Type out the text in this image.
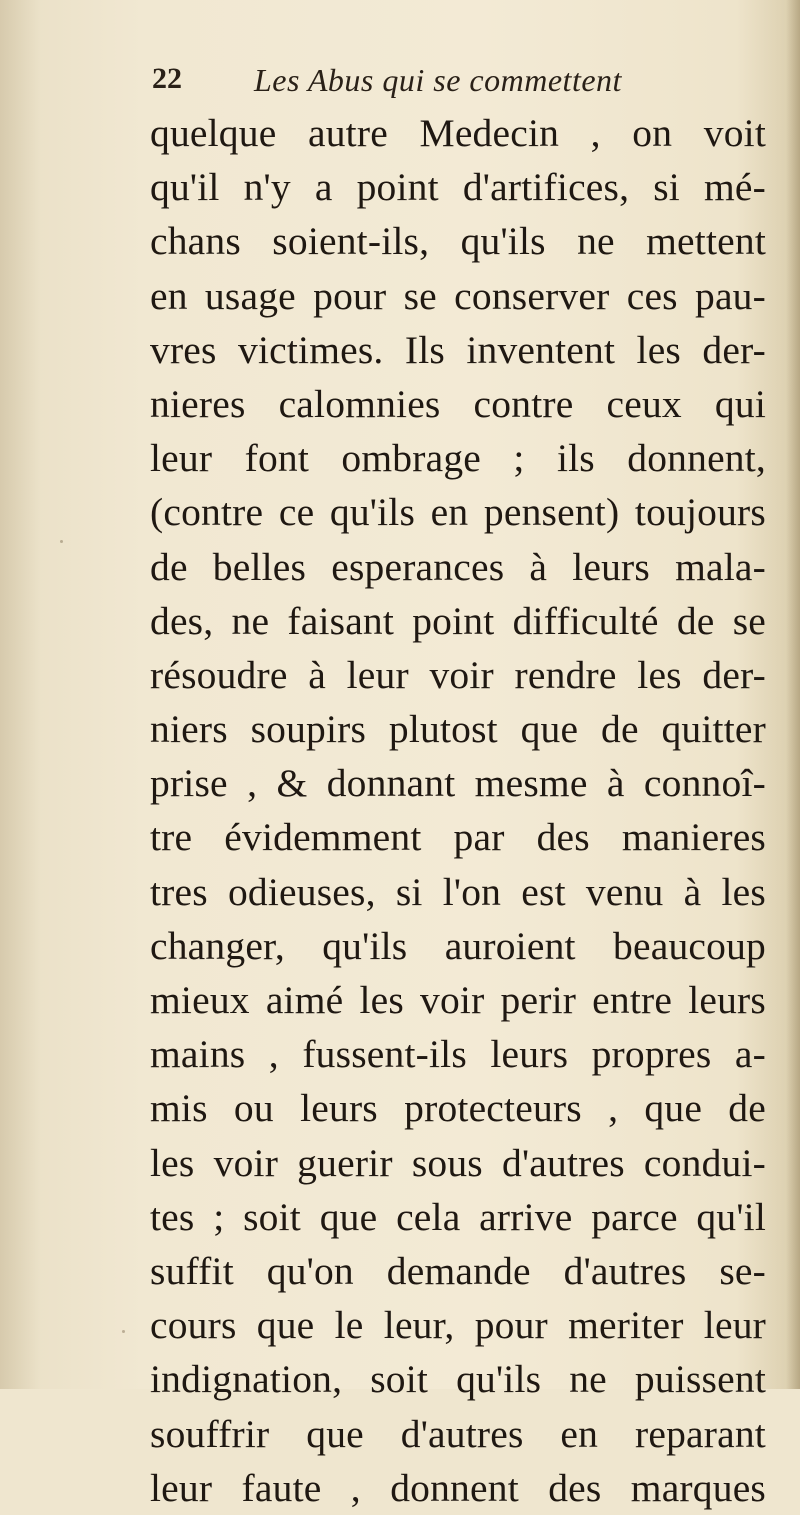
22 Les Abus qui se commettent
quelque autre Medecin , on voit
qu'il n'y a point d'artifices, si mé-
chans soient-ils, qu'ils ne mettent
en usage pour se conserver ces pau-
vres victimes. Ils inventent les der-
nieres calomnies contre ceux qui
leur font ombrage ; ils donnent,
(contre ce qu'ils en pensent) toujours
de belles esperances à leurs mala-
des, ne faisant point difficulté de se
résoudre à leur voir rendre les der-
niers soupirs plutost que de quitter
prise , & donnant mesme à connoî-
tre évidemment par des manieres
tres odieuses, si l'on est venu à les
changer, qu'ils auroient beaucoup
mieux aimé les voir perir entre leurs
mains , fussent-ils leurs propres a-
mis ou leurs protecteurs , que de
les voir guerir sous d'autres condui-
tes ; soit que cela arrive parce qu'il
suffit qu'on demande d'autres se-
cours que le leur, pour meriter leur
indignation, soit qu'ils ne puissent
souffrir que d'autres en reparant
leur faute , donnent des marques
